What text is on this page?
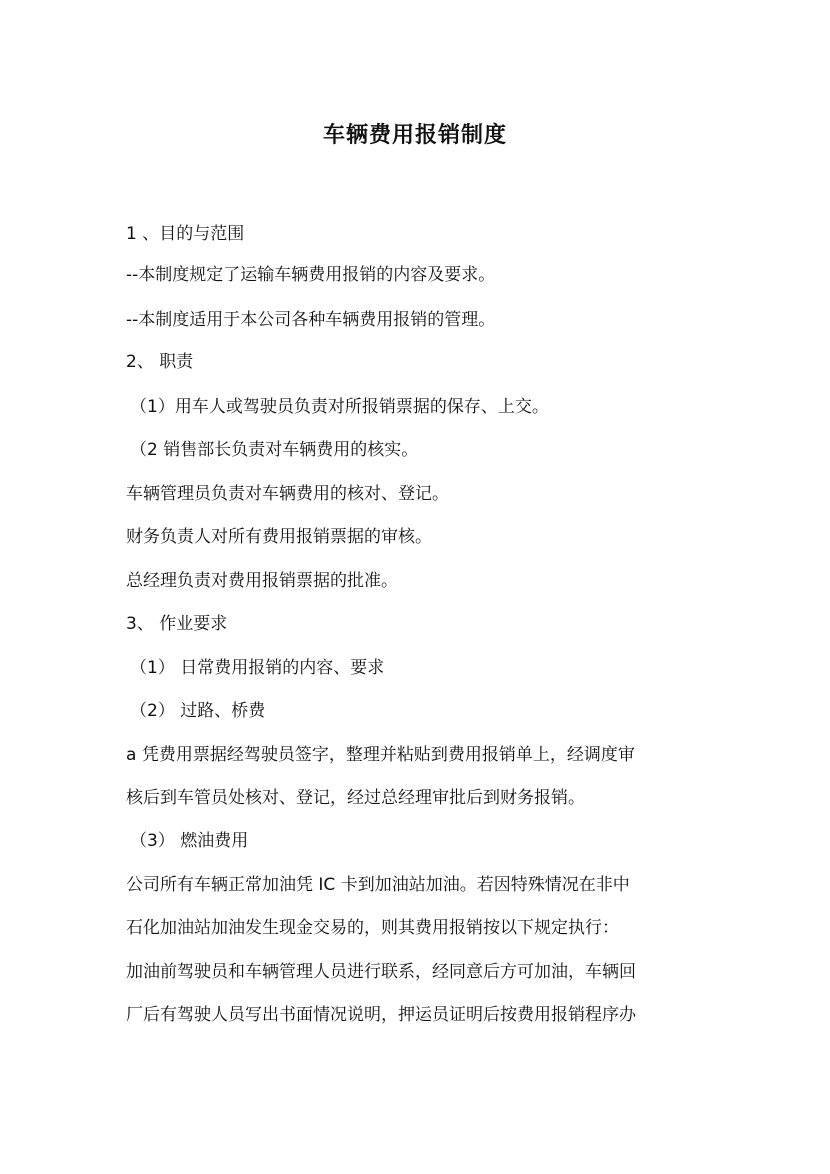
车辆费用报销制度
1 、目的与范围
--本制度规定了运输车辆费用报销的内容及要求。
--本制度适用于本公司各种车辆费用报销的管理。
2、 职责
（1）用车人或驾驶员负责对所报销票据的保存、上交。
（2 销售部长负责对车辆费用的核实。
车辆管理员负责对车辆费用的核对、登记。
财务负责人对所有费用报销票据的审核。
总经理负责对费用报销票据的批准。
3、 作业要求
（1） 日常费用报销的内容、要求
（2） 过路、桥费
a 凭费用票据经驾驶员签字，整理并粘贴到费用报销单上，经调度审
核后到车管员处核对、登记，经过总经理审批后到财务报销。
（3） 燃油费用
公司所有车辆正常加油凭 IC 卡到加油站加油。若因特殊情况在非中
石化加油站加油发生现金交易的，则其费用报销按以下规定执行：
加油前驾驶员和车辆管理人员进行联系，经同意后方可加油，车辆回
厂后有驾驶人员写出书面情况说明，押运员证明后按费用报销程序办
